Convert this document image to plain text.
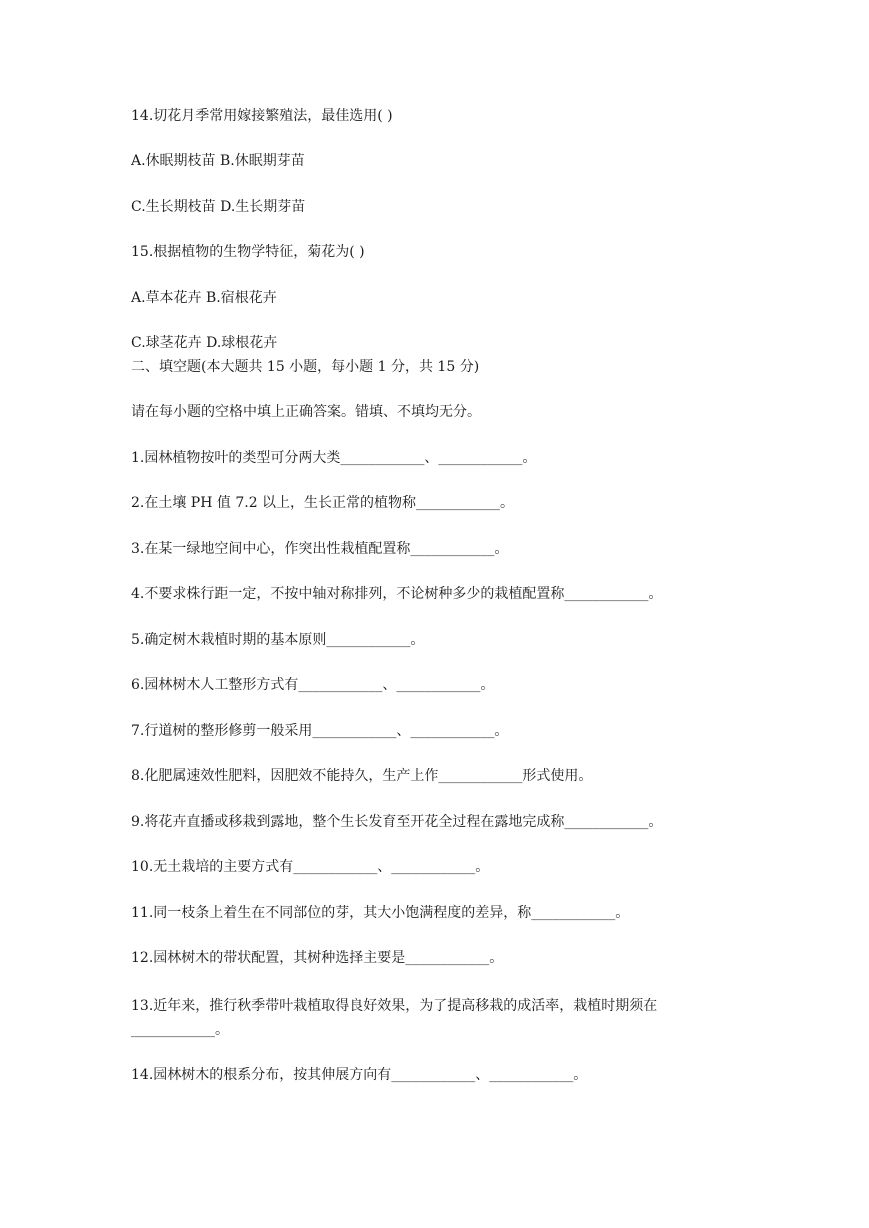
14.切花月季常用嫁接繁殖法，最佳选用( )
A.休眠期枝苗 B.休眠期芽苗
C.生长期枝苗 D.生长期芽苗
15.根据植物的生物学特征，菊花为( )
A.草本花卉 B.宿根花卉
C.球茎花卉 D.球根花卉
二、填空题(本大题共 15 小题，每小题 1 分，共 15 分)
请在每小题的空格中填上正确答案。错填、不填均无分。
1.园林植物按叶的类型可分两大类____________、____________。
2.在土壤 PH 值 7.2 以上，生长正常的植物称____________。
3.在某一绿地空间中心，作突出性栽植配置称____________。
4.不要求株行距一定，不按中轴对称排列，不论树种多少的栽植配置称____________。
5.确定树木栽植时期的基本原则____________。
6.园林树木人工整形方式有____________、____________。
7.行道树的整形修剪一般采用____________、____________。
8.化肥属速效性肥料，因肥效不能持久，生产上作____________形式使用。
9.将花卉直播或移栽到露地，整个生长发育至开花全过程在露地完成称____________。
10.无土栽培的主要方式有____________、____________。
11.同一枝条上着生在不同部位的芽，其大小饱满程度的差异，称____________。
12.园林树木的带状配置，其树种选择主要是____________。
13.近年来，推行秋季带叶栽植取得良好效果，为了提高移栽的成活率，栽植时期须在____________。
14.园林树木的根系分布，按其伸展方向有____________、____________。
